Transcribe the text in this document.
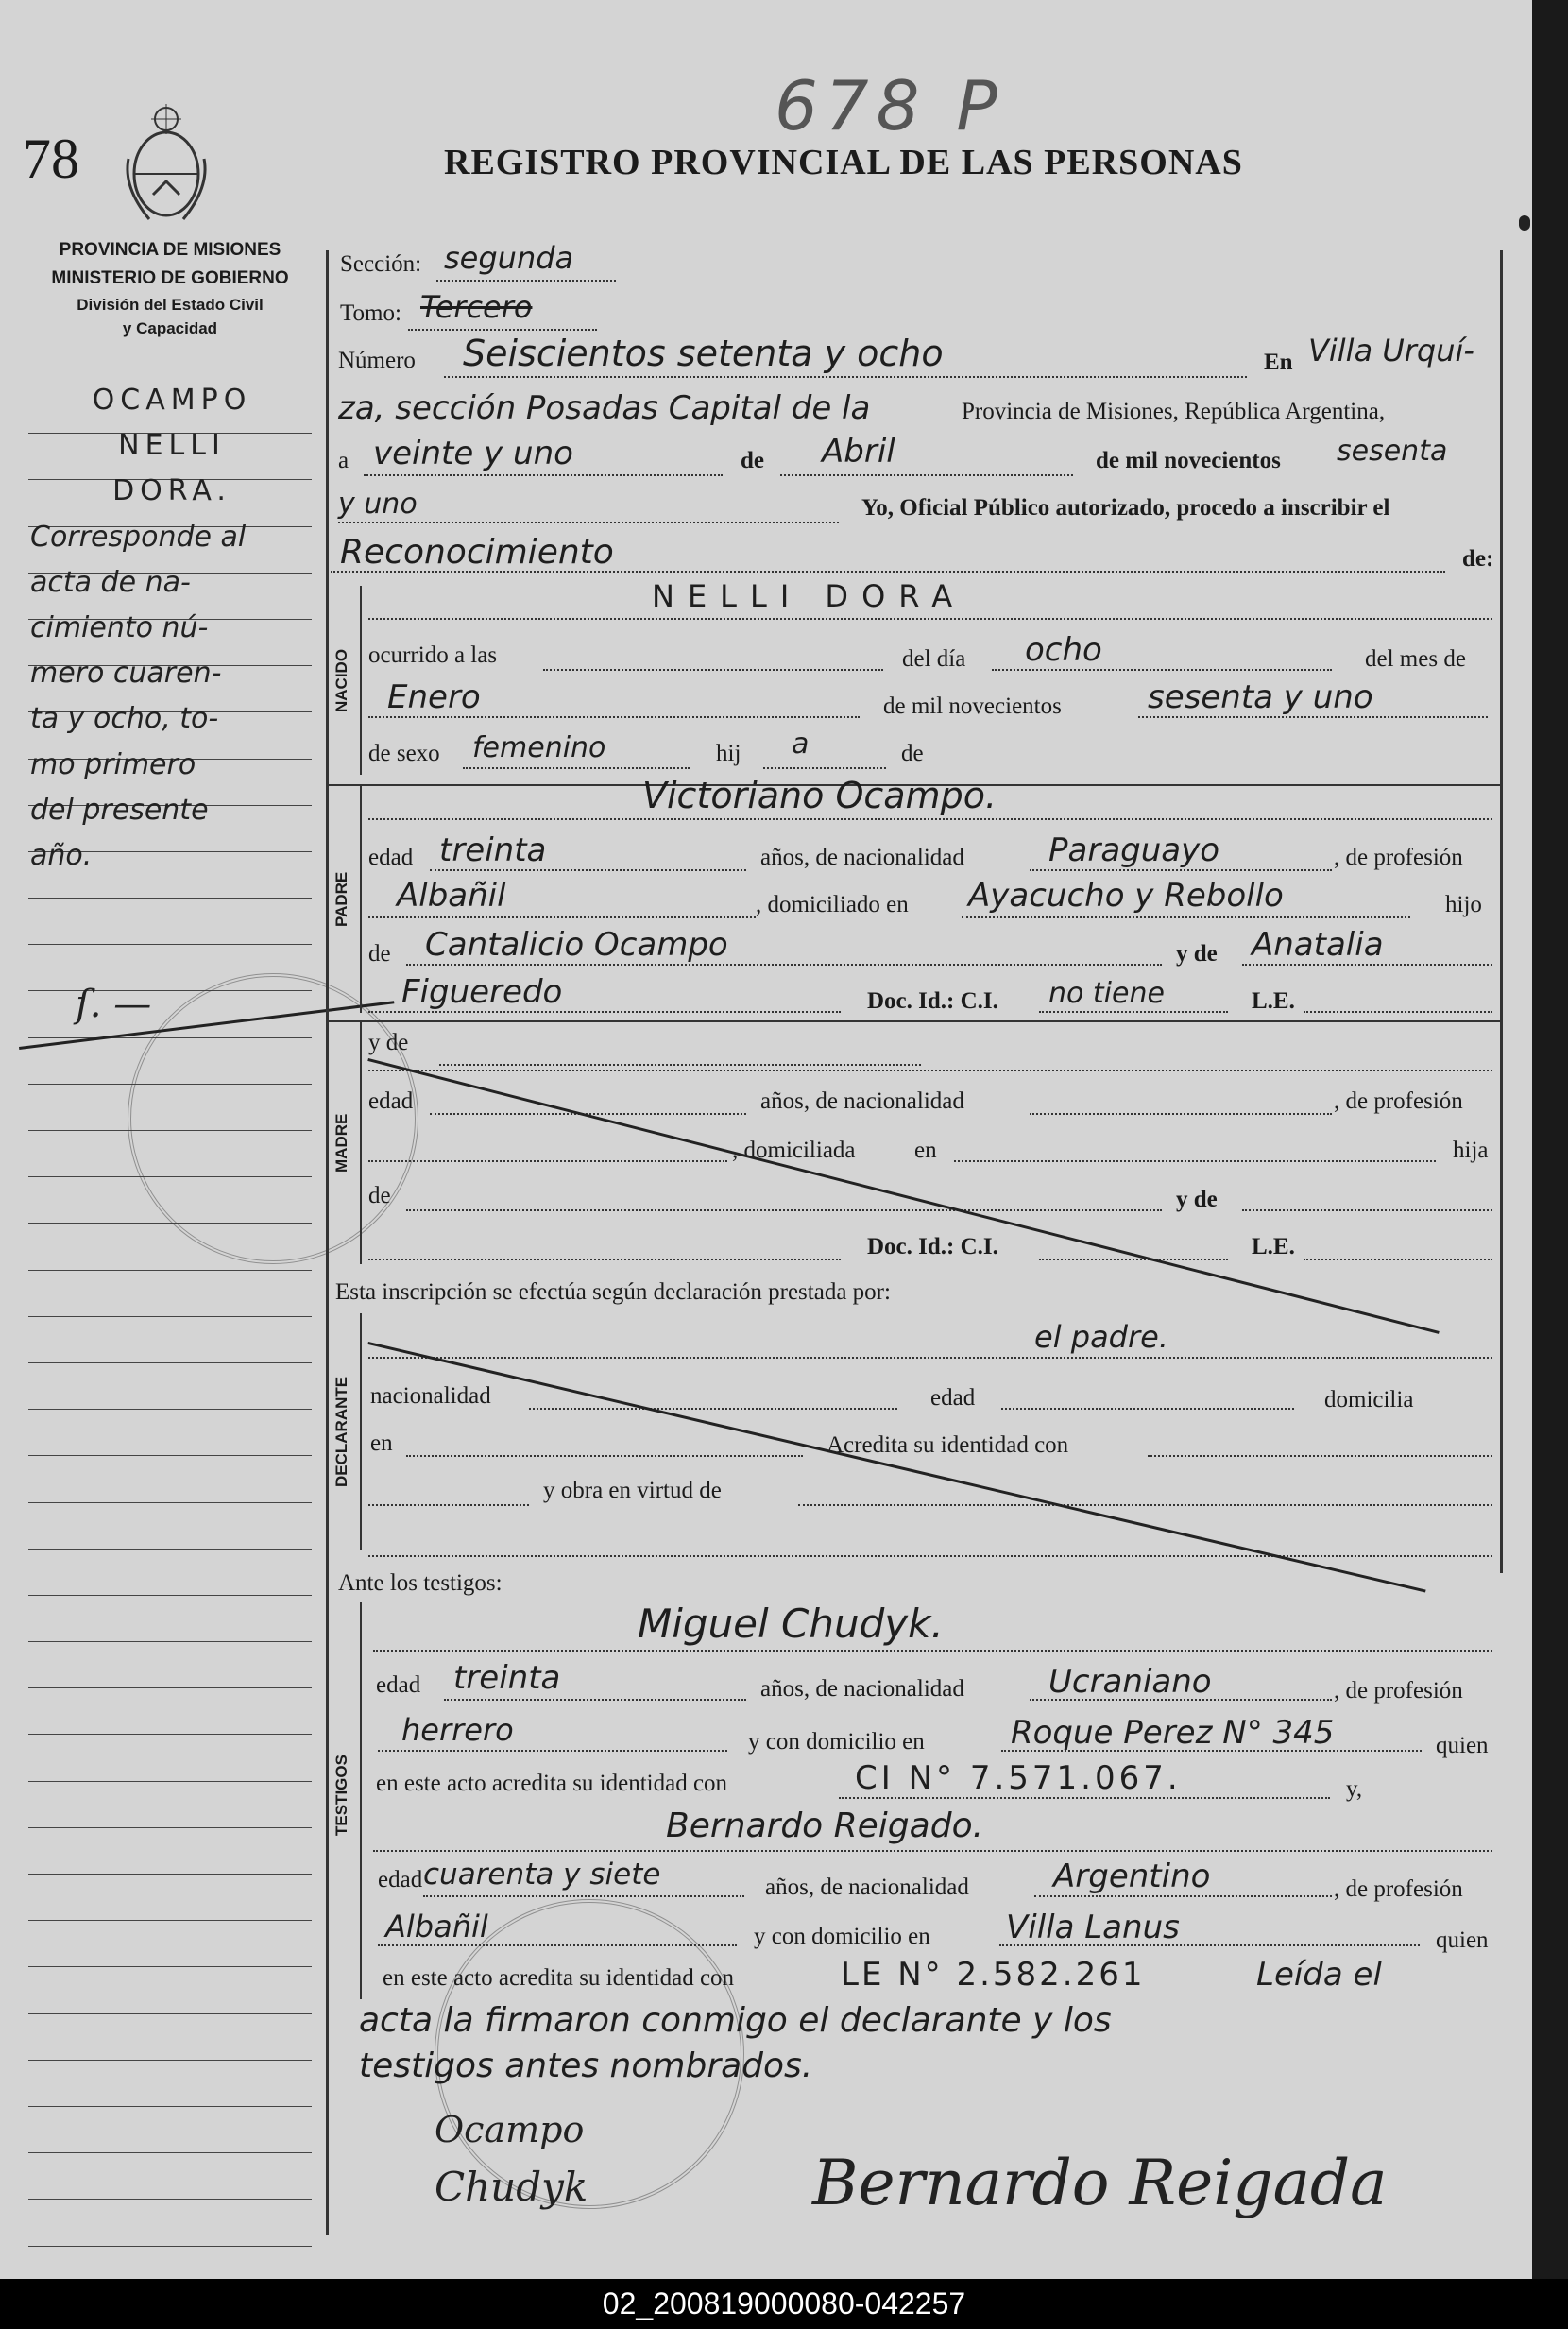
78
678 P
REGISTRO PROVINCIAL DE LAS PERSONAS
PROVINCIA DE MISIONES
MINISTERIO DE GOBIERNO
División del Estado Civil
y Capacidad
OCAMPO
NELLI
DORA.
Corresponde al
acta de na-
cimiento nú-
mero cuaren-
ta y ocho, to-
mo primero
del presente
año.
ſ. —
Sección: segunda
Tomo: Tercero
Número Seiscientos setenta y ocho	En Villa Urquí-
za, sección Posadas Capital de la	Provincia de Misiones, República Argentina,
a veinte y uno	de Abril	de mil novecientos sesenta
y uno	Yo, Oficial Público autorizado, procedo a inscribir el
Reconocimiento	de:
NACIDO
NELLI DORA
ocurrido a las	del día ocho	del mes de
Enero	de mil novecientos	sesenta y uno
de sexo femenino	hij a	de
PADRE
Victoriano Ocampo.
edad treinta	años, de nacionalidad	Paraguayo	, de profesión
Albañil	, domiciliado en Ayacucho y Rebollo	hijo
de Cantalicio Ocampo	y de Anatalia
Figueredo	Doc. Id.: C.I. no tiene	L.E.
MADRE
y de
edad	años, de nacionalidad	, de profesión
, domiciliada en	hija
de	y de
Doc. Id.: C.I.	L.E.
Esta inscripción se efectúa según declaración prestada por:
DECLARANTE
el padre.
nacionalidad	edad	domicilia
en	Acredita su identidad con
y obra en virtud de
Ante los testigos:
TESTIGOS
Miguel Chudyk.
edad treinta	años, de nacionalidad	Ucraniano	, de profesión
herrero	y con domicilio en	Roque Perez N° 345	quien
en este acto acredita su identidad con	CI N° 7.571.067.	y,
Bernardo Reigado.
edad cuarenta y siete	años, de nacionalidad	Argentino	, de profesión
Albañil	y con domicilio en Villa Lanus	quien
en este acto acredita su identidad con	LE N° 2.582.261	Leída el
acta la firmaron conmigo el declarante y los
testigos antes nombrados.
Ocampo
Chudyk	Bernardo Reigada
02_200819000080-042257
